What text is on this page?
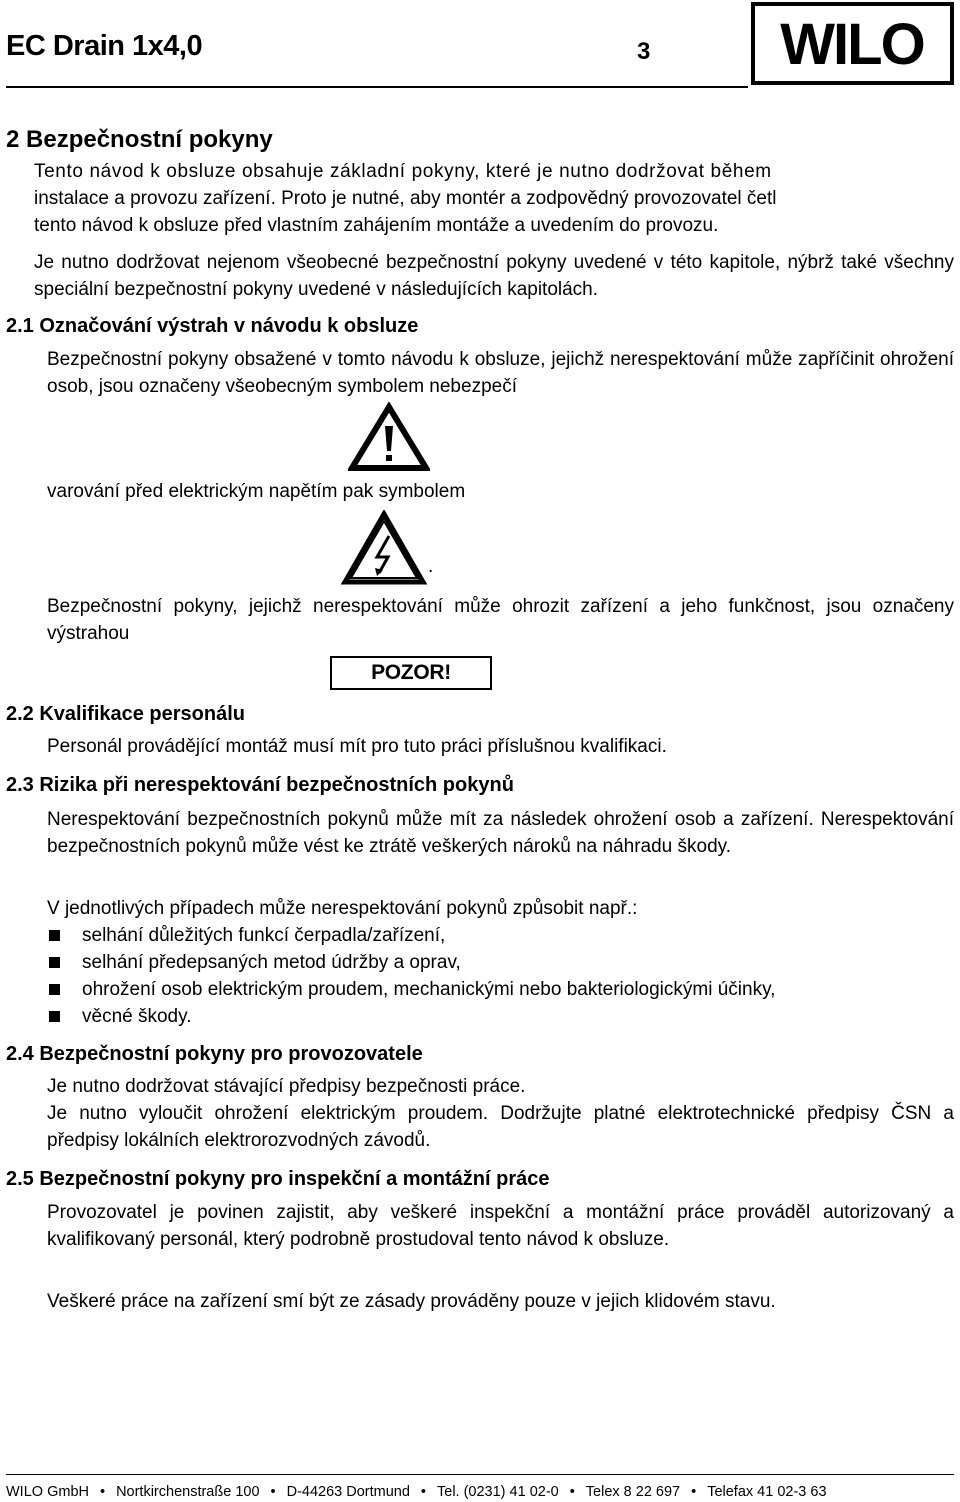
EC Drain 1x4,0	3 WILO
2 Bezpečnostní pokyny
Tento návod k obsluze obsahuje základní pokyny, které je nutno dodržovat během
instalace a provozu zařízení. Proto je nutné, aby montér a zodpovědný provozovatel četl
tento návod k obsluze před vlastním zahájením montáže a uvedením do provozu.
Je nutno dodržovat nejenom všeobecné bezpečnostní pokyny uvedené v této kapitole, nýbrž také všechny speciální bezpečnostní pokyny uvedené v následujících kapitolách.
2.1 Označování výstrah v návodu k obsluze
Bezpečnostní pokyny obsažené v tomto návodu k obsluze, jejichž nerespektování může zapříčinit ohrožení osob, jsou označeny všeobecným symbolem nebezpečí
varování před elektrickým napětím pak symbolem
.
Bezpečnostní pokyny, jejichž nerespektování může ohrozit zařízení a jeho funkčnost, jsou označeny výstrahou
POZOR!
2.2 Kvalifikace personálu
Personál provádějící montáž musí mít pro tuto práci příslušnou kvalifikaci.
2.3 Rizika při nerespektování bezpečnostních pokynů
Nerespektování bezpečnostních pokynů může mít za následek ohrožení osob a zařízení. Nerespektování bezpečnostních pokynů může vést ke ztrátě veškerých nároků na náhradu škody.
V jednotlivých případech může nerespektování pokynů způsobit např.:
selhání důležitých funkcí čerpadla/zařízení,
selhání předepsaných metod údržby a oprav,
ohrožení osob elektrickým proudem, mechanickými nebo bakteriologickými účinky,
věcné škody.
2.4 Bezpečnostní pokyny pro provozovatele
Je nutno dodržovat stávající předpisy bezpečnosti práce.
Je nutno vyloučit ohrožení elektrickým proudem. Dodržujte platné elektrotechnické předpisy ČSN a předpisy lokálních elektrorozvodných závodů.
2.5 Bezpečnostní pokyny pro inspekční a montážní práce
Provozovatel je povinen zajistit, aby veškeré inspekční a montážní práce prováděl autorizovaný a kvalifikovaný personál, který podrobně prostudoval tento návod k obsluze.
Veškeré práce na zařízení smí být ze zásady prováděny pouze v jejich klidovém stavu.
WILO GmbH • Nortkirchenstraße 100 • D-44263 Dortmund • Tel. (0231) 41 02-0 • Telex 8 22 697 • Telefax 41 02-3 63
